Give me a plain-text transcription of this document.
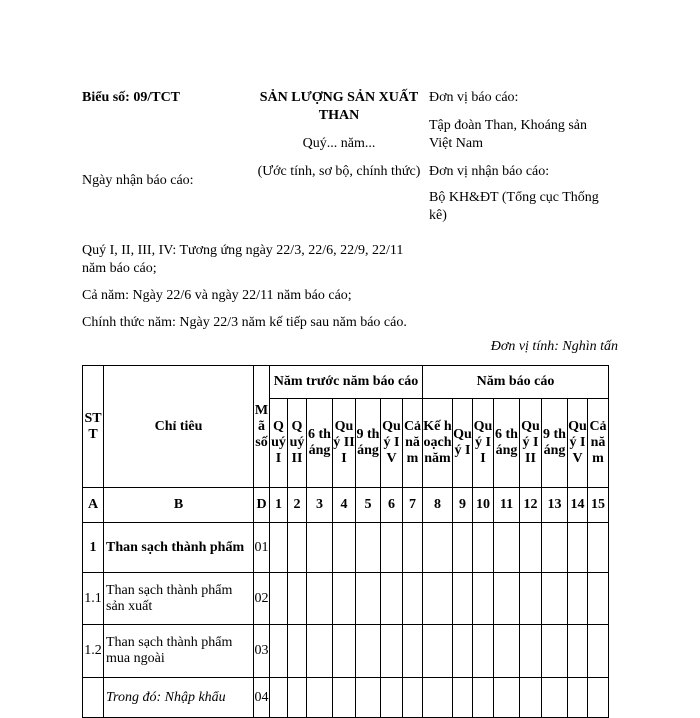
Biểu số: 09/TCT	SẢN LƯỢNG SẢN XUẤT
THAN
Quý... năm...
(Ước tính, sơ bộ, chính thức)
Ngày nhận báo cáo:
Đơn vị báo cáo:
Tập đoàn Than, Khoáng sản
Việt Nam
Đơn vị nhận báo cáo:
Bộ KH&ĐT (Tổng cục Thống
kê)
Quý I, II, III, IV: Tương ứng ngày 22/3, 22/6, 22/9, 22/11
năm báo cáo;
Cả năm: Ngày 22/6 và ngày 22/11 năm báo cáo;
Chính thức năm: Ngày 22/3 năm kế tiếp sau năm báo cáo.
Đơn vị tính: Nghìn tấn
STT	Chỉ tiêu	Mã số	Năm trước năm báo cáo							Năm báo cáo							
			Quý I	Quý II	6 tháng	Quý III	9 tháng	Quý IV	Cả năm	Kế hoạch năm	Quý I	Quý II	6 tháng	Quý III	9 tháng	Quý IV	Cả năm
A	B	D	1	2	3	4	5	6	7	8	9	10	11	12	13	14	15
1	Than sạch thành phẩm	01															
1.1	Than sạch thành phẩm sản xuất	02															
1.2	Than sạch thành phẩm mua ngoài	03															
	Trong đó: Nhập khẩu	04															
